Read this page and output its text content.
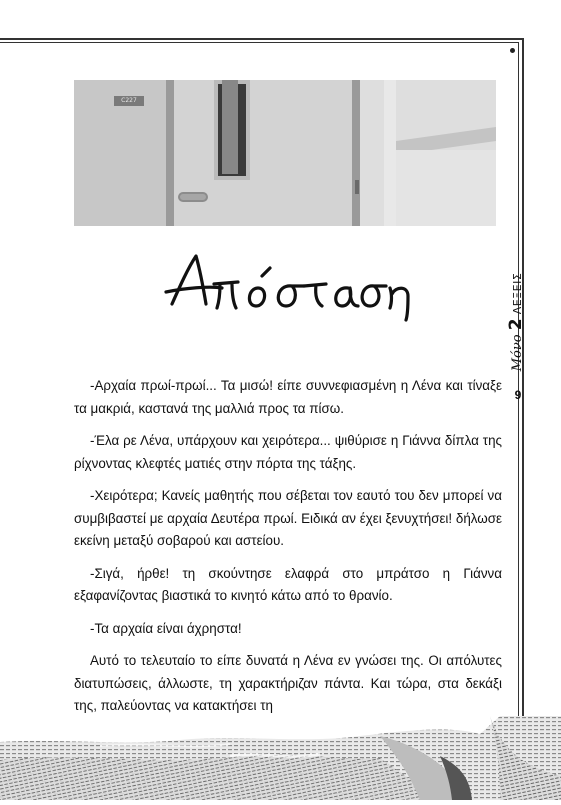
C227
Μόνο 2 ΛΕΞΕΙΣ
9

-Αρχαία πρωί-πρωί... Τα μισώ! είπε συννεφιασμένη η Λένα και τίναξε τα μακριά, καστανά της μαλλιά προς τα πίσω.

-Έλα ρε Λένα, υπάρχουν και χειρότερα... ψιθύρισε η Γιάννα δίπλα της ρίχνοντας κλεφτές ματιές στην πόρτα της τάξης.

-Χειρότερα; Κανείς μαθητής που σέβεται τον εαυτό του δεν μπορεί να συμβιβαστεί με αρχαία Δευτέρα πρωί. Ειδικά αν έχει ξενυχτήσει! δήλωσε εκείνη μεταξύ σοβαρού και αστείου.

-Σιγά, ήρθε! τη σκούντησε ελαφρά στο μπράτσο η Γιάννα εξαφανίζοντας βιαστικά το κινητό κάτω από το θρανίο.

-Τα αρχαία είναι άχρηστα!

Αυτό το τελευταίο το είπε δυνατά η Λένα εν γνώσει της. Οι απόλυτες διατυπώσεις, άλλωστε, τη χαρακτήριζαν πάντα. Και τώρα, στα δεκάξι της, παλεύοντας να κατακτήσει τη
